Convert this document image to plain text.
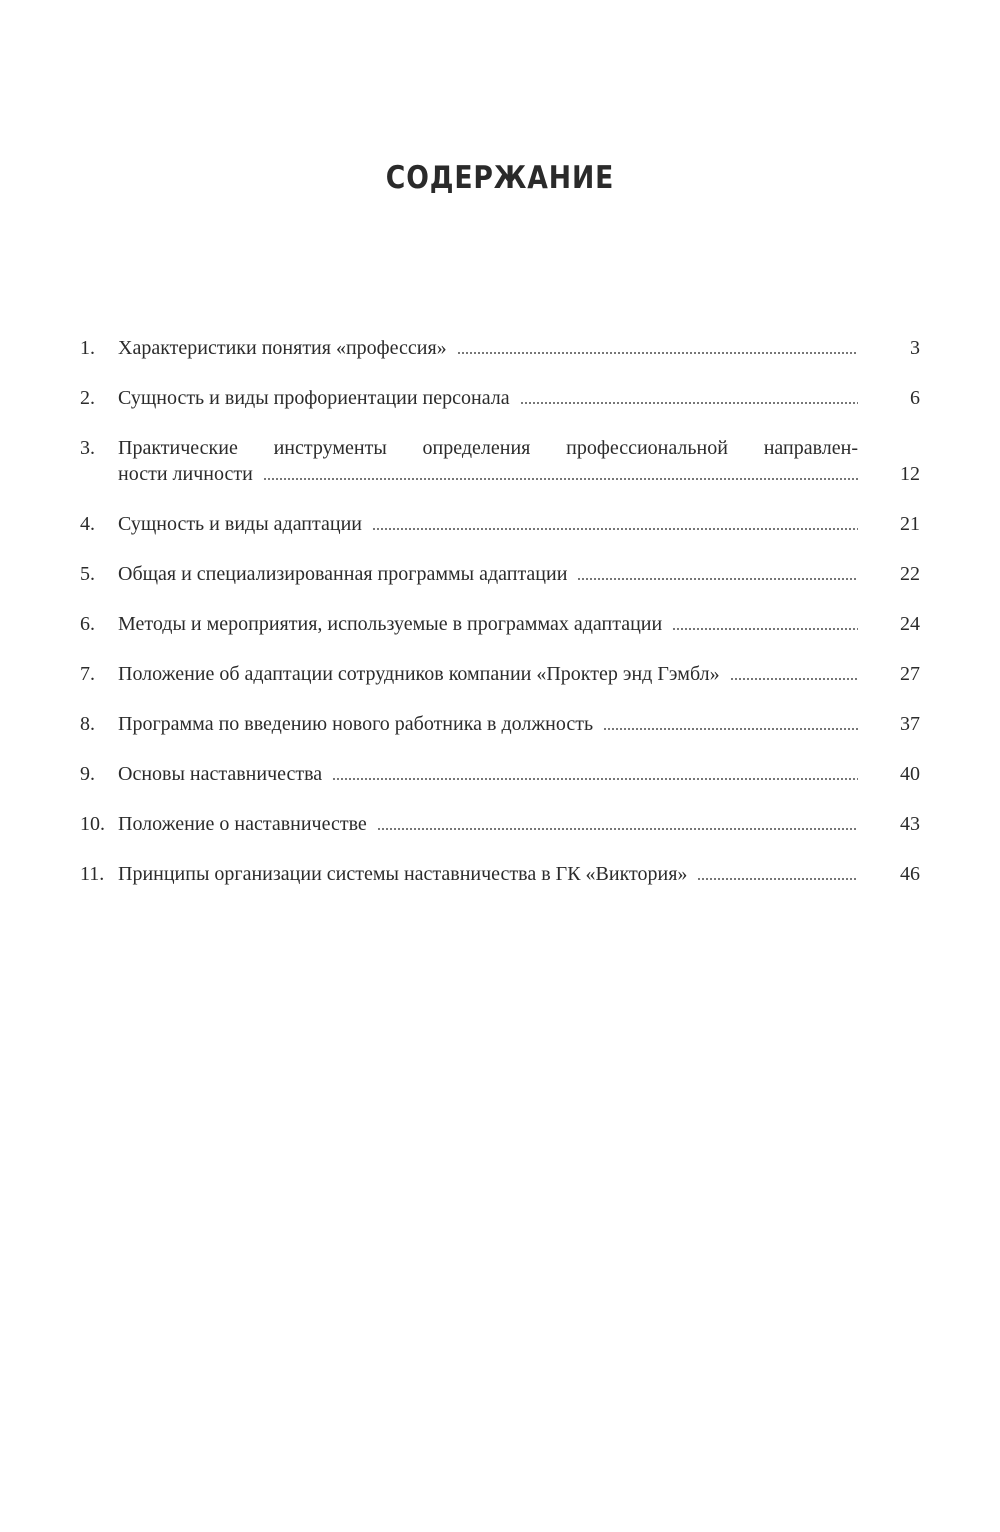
СОДЕРЖАНИЕ
1.	Характеристики понятия «профессия»	3
2.	Сущность и виды профориентации персонала	6
3.	Практические инструменты определения профессиональной направлен-
ности личности	12
4.	Сущность и виды адаптации	21
5.	Общая и специализированная программы адаптации	22
6.	Методы и мероприятия, используемые в программах адаптации	24
7.	Положение об адаптации сотрудников компании «Проктер энд Гэмбл»	27
8.	Программа по введению нового работника в должность	37
9.	Основы наставничества	40
10. Положение о наставничестве	43
11. Принципы организации системы наставничества в ГК «Виктория»	46
